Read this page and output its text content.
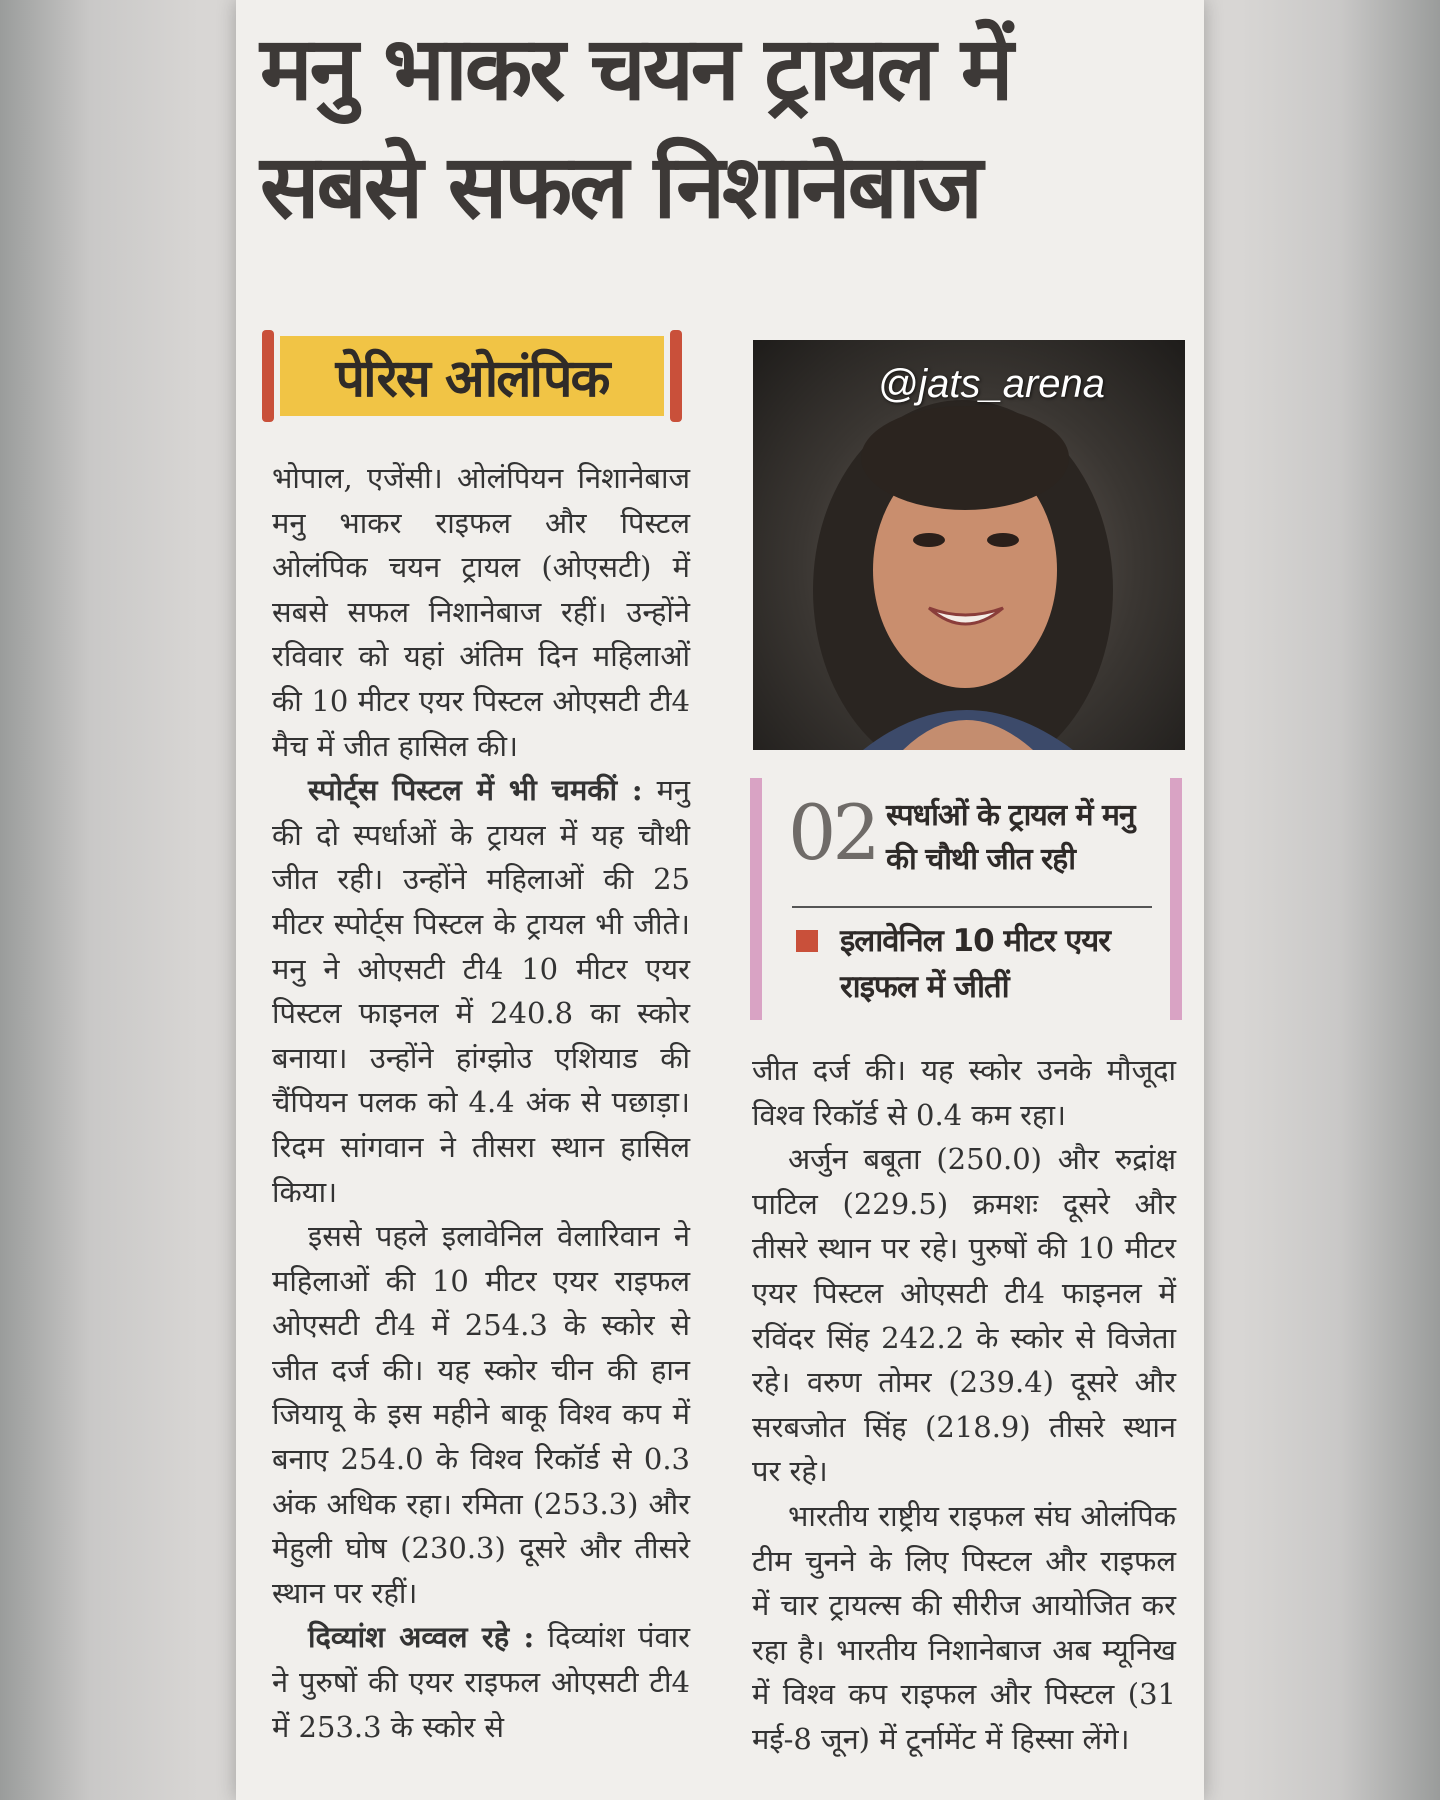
मनु भाकर चयन ट्रायल में सबसे सफल निशानेबाज
पेरिस ओलंपिक	@jats_arena
02 स्पर्धाओं के ट्रायल में मनु की चौथी जीत रही
इलावेनिल 10 मीटर एयर राइफल में जीतीं

भोपाल, एजेंसी। ओलंपियन निशानेबाज मनु भाकर राइफल और पिस्टल ओलंपिक चयन ट्रायल (ओएसटी) में सबसे सफल निशानेबाज रहीं। उन्होंने रविवार को यहां अंतिम दिन महिलाओं की 10 मीटर एयर पिस्टल ओएसटी टी4 मैच में जीत हासिल की।

स्पोर्ट्स पिस्टल में भी चमकीं : मनु की दो स्पर्धाओं के ट्रायल में यह चौथी जीत रही। उन्होंने महिलाओं की 25 मीटर स्पोर्ट्स पिस्टल के ट्रायल भी जीते। मनु ने ओएसटी टी4 10 मीटर एयर पिस्टल फाइनल में 240.8 का स्कोर बनाया। उन्होंने हांग्झोउ एशियाड की चैंपियन पलक को 4.4 अंक से पछाड़ा। रिदम सांगवान ने तीसरा स्थान हासिल किया।

इससे पहले इलावेनिल वेलारिवान ने महिलाओं की 10 मीटर एयर राइफल ओएसटी टी4 में 254.3 के स्कोर से जीत दर्ज की। यह स्कोर चीन की हान जियायू के इस महीने बाकू विश्व कप में बनाए 254.0 के विश्व रिकॉर्ड से 0.3 अंक अधिक रहा। रमिता (253.3) और मेहुली घोष (230.3) दूसरे और तीसरे स्थान पर रहीं।

दिव्यांश अव्वल रहे : दिव्यांश पंवार ने पुरुषों की एयर राइफल ओएसटी टी4 में 253.3 के स्कोर से

जीत दर्ज की। यह स्कोर उनके मौजूदा विश्व रिकॉर्ड से 0.4 कम रहा।

अर्जुन बबूता (250.0) और रुद्रांक्ष पाटिल (229.5) क्रमशः दूसरे और तीसरे स्थान पर रहे। पुरुषों की 10 मीटर एयर पिस्टल ओएसटी टी4 फाइनल में रविंदर सिंह 242.2 के स्कोर से विजेता रहे। वरुण तोमर (239.4) दूसरे और सरबजोत सिंह (218.9) तीसरे स्थान पर रहे।

भारतीय राष्ट्रीय राइफल संघ ओलंपिक टीम चुनने के लिए पिस्टल और राइफल में चार ट्रायल्स की सीरीज आयोजित कर रहा है। भारतीय निशानेबाज अब म्यूनिख में विश्व कप राइफल और पिस्टल (31 मई-8 जून) में टूर्नामेंट में हिस्सा लेंगे।
